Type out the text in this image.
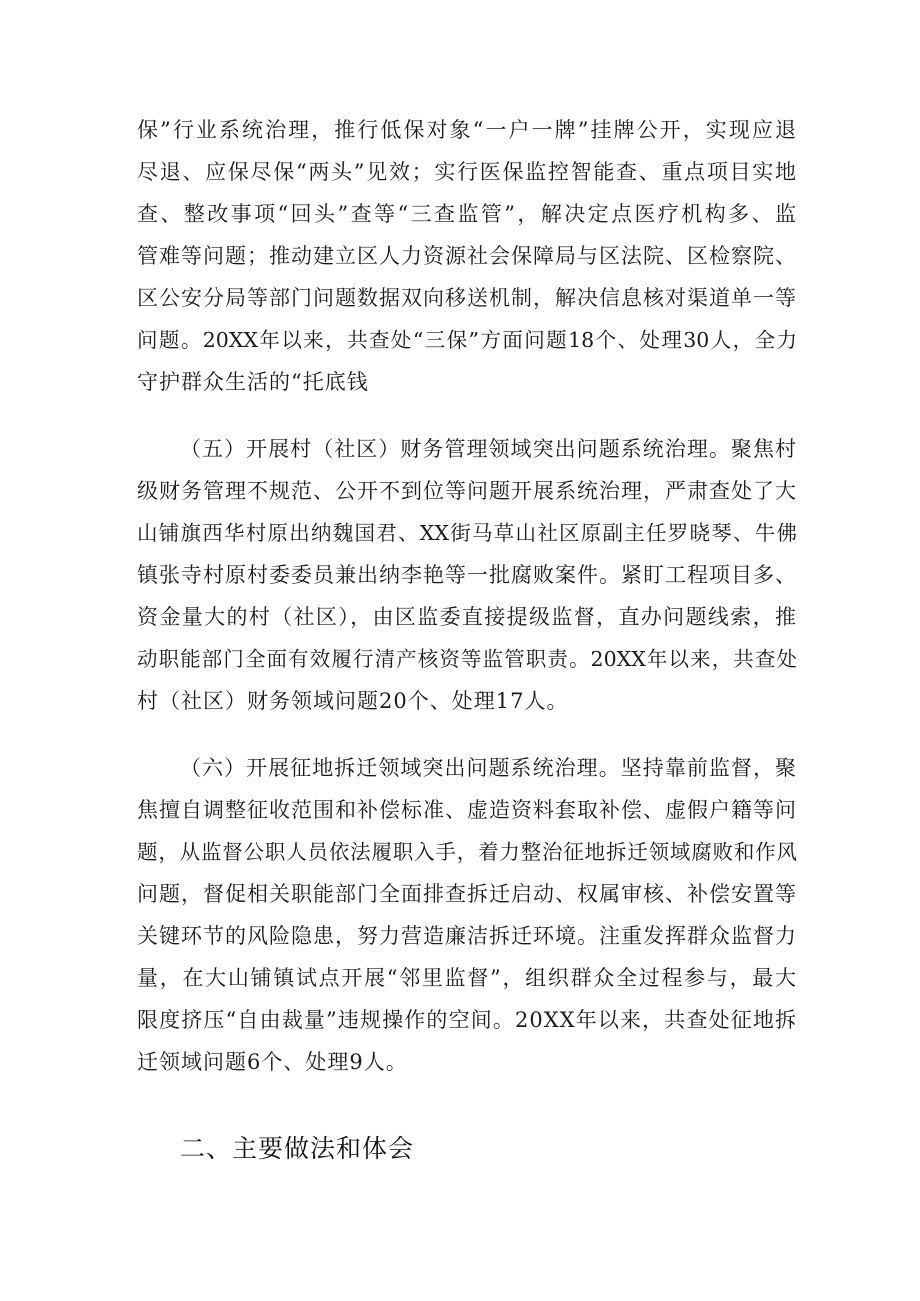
保”行业系统治理，推行低保对象“一户一牌”挂牌公开，实现应退
尽退、应保尽保“两头”见效；实行医保监控智能查、重点项目实地
查、整改事项“回头”查等“三查监管”，解决定点医疗机构多、监
管难等问题；推动建立区人力资源社会保障局与区法院、区检察院、
区公安分局等部门问题数据双向移送机制，解决信息核对渠道单一等
问题。20XX年以来，共查处“三保”方面问题18个、处理30人，全力
守护群众生活的“托底钱
（五）开展村（社区）财务管理领域突出问题系统治理。聚焦村
级财务管理不规范、公开不到位等问题开展系统治理，严肃查处了大
山铺旗西华村原出纳魏国君、XX街马草山社区原副主任罗晓琴、牛佛
镇张寺村原村委委员兼出纳李艳等一批腐败案件。紧盯工程项目多、
资金量大的村（社区），由区监委直接提级监督，直办问题线索，推
动职能部门全面有效履行清产核资等监管职责。20XX年以来，共查处
村（社区）财务领域问题20个、处理17人。
（六）开展征地拆迁领域突出问题系统治理。坚持靠前监督，聚
焦擅自调整征收范围和补偿标准、虚造资料套取补偿、虚假户籍等问
题，从监督公职人员依法履职入手，着力整治征地拆迁领域腐败和作风
问题，督促相关职能部门全面排查拆迁启动、权属审核、补偿安置等
关键环节的风险隐患，努力营造廉洁拆迁环境。注重发挥群众监督力
量，在大山铺镇试点开展“邻里监督”，组织群众全过程参与，最大
限度挤压“自由裁量”违规操作的空间。20XX年以来，共查处征地拆
迁领域问题6个、处理9人。
二、主要做法和体会
